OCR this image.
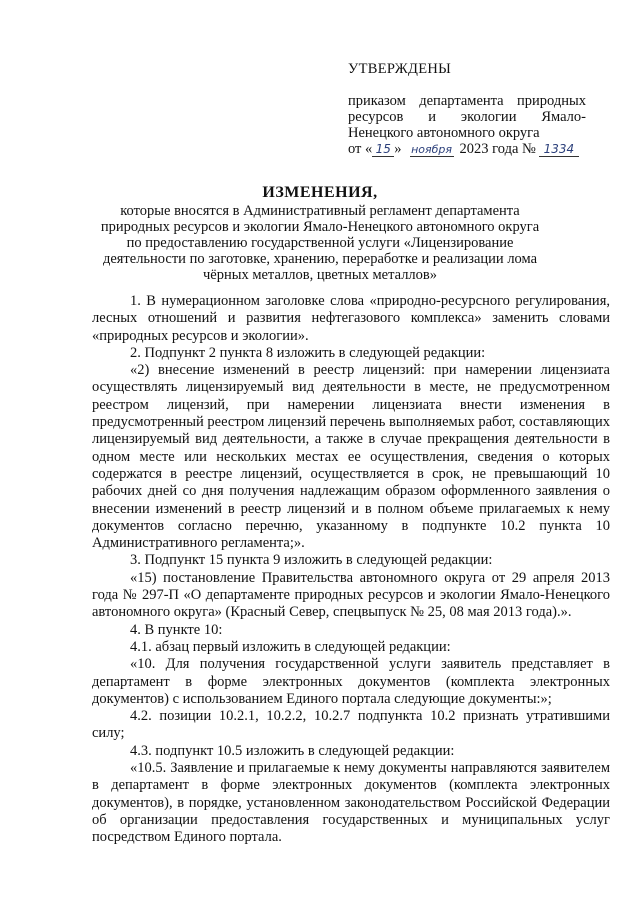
УТВЕРЖДЕНЫ
приказом департамента природных
ресурсов и экологии Ямало-
Ненецкого автономного округа
от « 15 » ноября 2023 года № 1334
ИЗМЕНЕНИЯ,
которые вносятся в Административный регламент департамента природных ресурсов и экологии Ямало-Ненецкого автономного округа по предоставлению государственной услуги «Лицензирование деятельности по заготовке, хранению, переработке и реализации лома чёрных металлов, цветных металлов»

1. В нумерационном заголовке слова «природно-ресурсного регулирования, лесных отношений и развития нефтегазового комплекса» заменить словами «природных ресурсов и экологии».

2. Подпункт 2 пункта 8 изложить в следующей редакции:

«2) внесение изменений в реестр лицензий: при намерении лицензиата осуществлять лицензируемый вид деятельности в месте, не предусмотренном реестром лицензий, при намерении лицензиата внести изменения в предусмотренный реестром лицензий перечень выполняемых работ, составляющих лицензируемый вид деятельности, а также в случае прекращения деятельности в одном месте или нескольких местах ее осуществления, сведения о которых содержатся в реестре лицензий, осуществляется в срок, не превышающий 10 рабочих дней со дня получения надлежащим образом оформленного заявления о внесении изменений в реестр лицензий и в полном объеме прилагаемых к нему документов согласно перечню, указанному в подпункте 10.2 пункта 10 Административного регламента;».

3. Подпункт 15 пункта 9 изложить в следующей редакции:

«15) постановление Правительства автономного округа от 29 апреля 2013 года № 297-П «О департаменте природных ресурсов и экологии Ямало-Ненецкого автономного округа» (Красный Север, спецвыпуск № 25, 08 мая 2013 года).».

4. В пункте 10:

4.1. абзац первый изложить в следующей редакции:

«10. Для получения государственной услуги заявитель представляет в департамент в форме электронных документов (комплекта электронных документов) с использованием Единого портала следующие документы:»;

4.2. позиции 10.2.1, 10.2.2, 10.2.7 подпункта 10.2 признать утратившими силу;

4.3. подпункт 10.5 изложить в следующей редакции:

«10.5. Заявление и прилагаемые к нему документы направляются заявителем в департамент в форме электронных документов (комплекта электронных документов), в порядке, установленном законодательством Российской Федерации об организации предоставления государственных и муниципальных услуг посредством Единого портала.
